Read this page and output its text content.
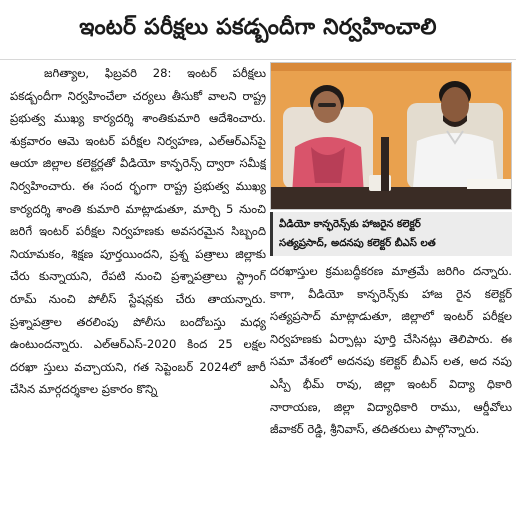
ఇంటర్ పరీక్షలు పకడ్బందీగా నిర్వహించాలి

జగిత్యాల, ఫిబ్రవరి 28: ఇంటర్ పరీక్షలు పకడ్బందీగా నిర్వహించేలా చర్యలు తీసుకో వాలని రాష్ట్ర ప్రభుత్వ ముఖ్య కార్యదర్శి శాంతికుమారి ఆదేశించారు. శుక్రవారం ఆమె ఇంటర్ పరీక్షల నిర్వహణ, ఎల్ఆర్ఎస్‌పై ఆయా జిల్లాల కలెక్టర్లతో వీడియో కాన్ఫరెన్స్ ద్వారా సమీక్ష నిర్వహించారు. ఈ సంద ర్భంగా రాష్ట్ర ప్రభుత్వ ముఖ్య కార్యదర్శి శాంతి కుమారి మాట్లాడుతూ, మార్చి 5 నుంచి జరిగే ఇంటర్ పరీక్షల నిర్వహణకు అవసరమైన సిబ్బంది నియామకం, శిక్షణ పూర్తయిందని, ప్రశ్న పత్రాలు జిల్లాకు చేరు కున్నాయని, రేపటి నుంచి ప్రశ్నాపత్రాలు స్ట్రాంగ్ రూమ్ నుంచి పోలీస్ స్టేషన్లకు చేరు తాయన్నారు. ప్రశ్నాపత్రాల తరలింపు పోలీసు బందోబస్తు మధ్య ఉంటుందన్నారు. ఎల్ఆర్ఎస్-2020 కింద 25 లక్షల దరఖా స్తులు వచ్చాయని, గత సెప్టెంబర్ 2024లో జారీ చేసిన మార్గదర్శకాల ప్రకారం కొన్ని

వీడియో కాన్ఫరెన్స్‌కు హాజరైన కలెక్టర్
సత్యప్రసాద్, అదనపు కలెక్టర్ బీఎస్ లత

దరఖాస్తుల క్రమబద్ధీకరణ మాత్రమే జరిగిం దన్నారు. కాగా, వీడియో కాన్ఫరెన్స్‌కు హాజ రైన కలెక్టర్ సత్యప్రసాద్ మాట్లాడుతూ, జిల్లాలో ఇంటర్ పరీక్షల నిర్వహణకు ఏర్పాట్లు పూర్తి చేసినట్లు తెలిపారు. ఈ సమా వేశంలో అదనపు కలెక్టర్ బీఎస్ లత, అద నపు ఎస్పీ భీమ్ రావు, జిల్లా ఇంటర్ విద్యా ధికారి నారాయణ, జిల్లా విద్యాధికారి రాము, ఆర్డీవోలు జీవాకర్ రెడ్డి, శ్రీనివాస్, తదితరులు పాల్గొన్నారు.
